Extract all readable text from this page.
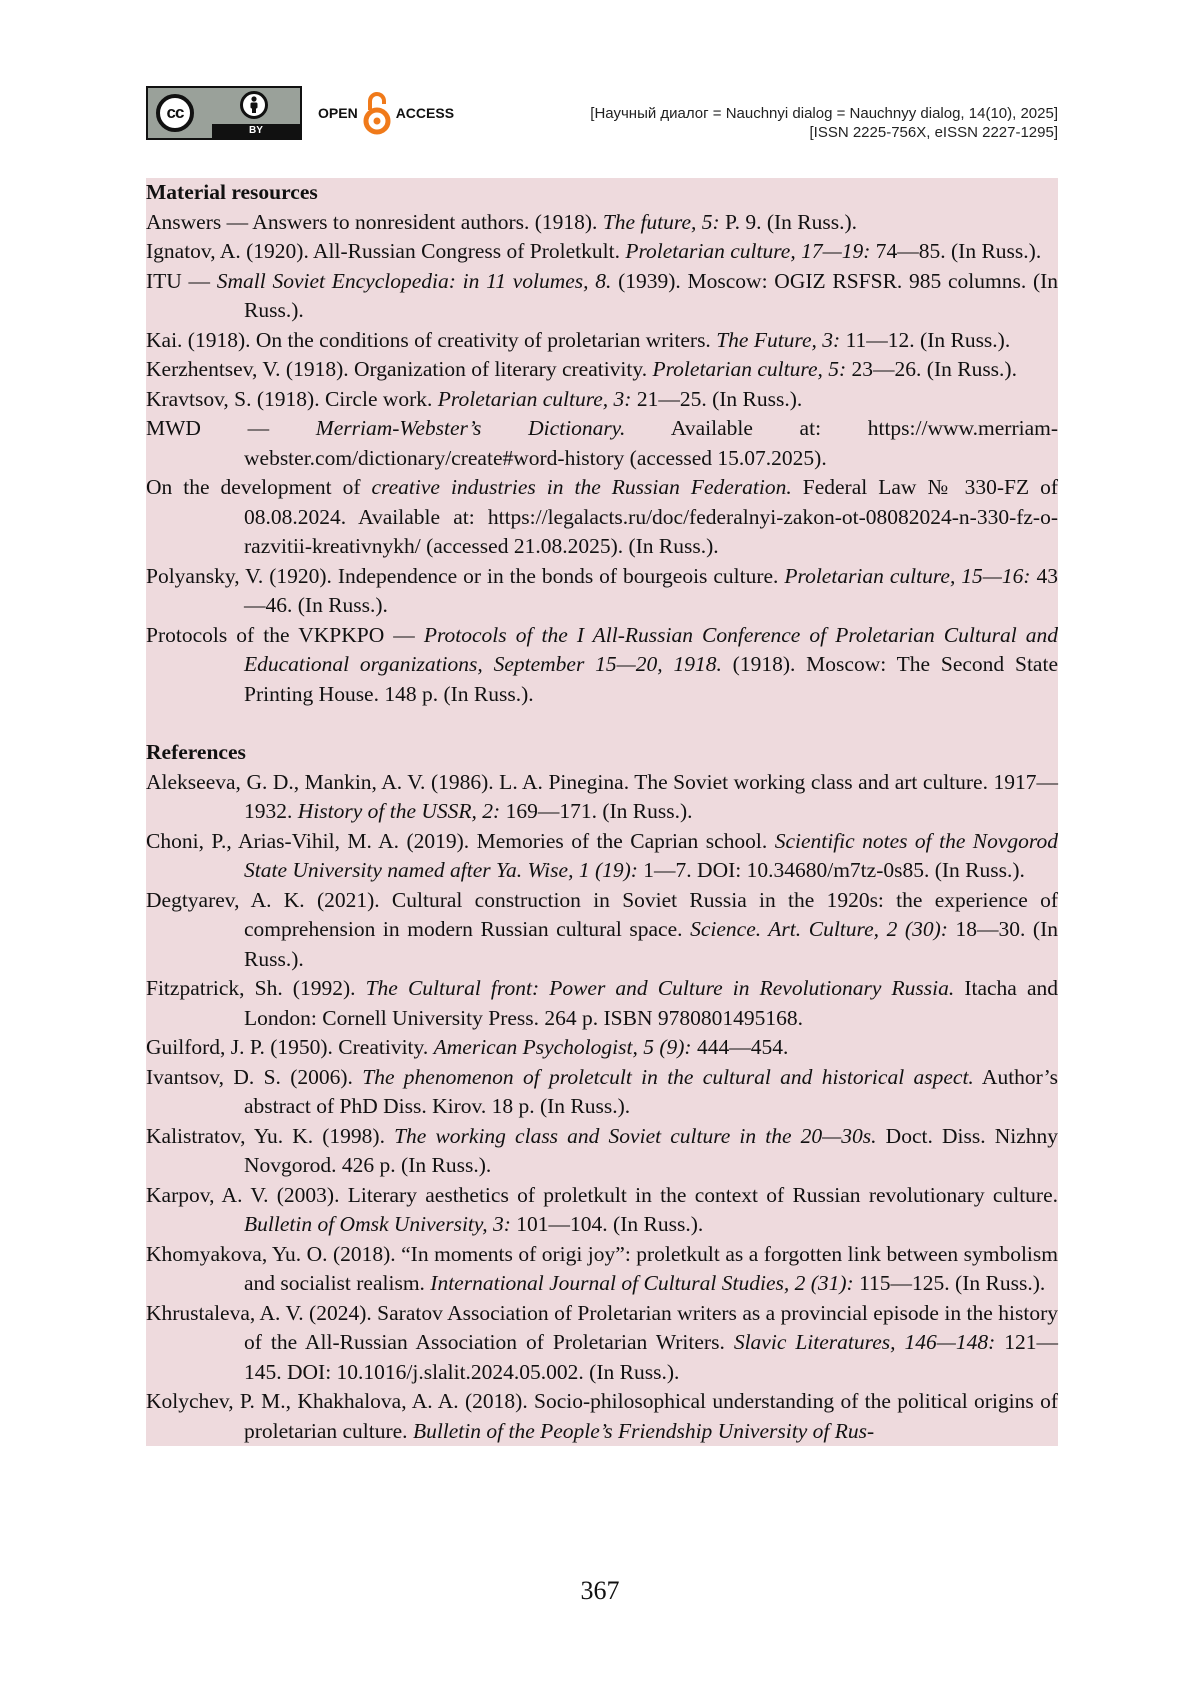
cc
BY
OPEN	ACCESS	[Научный диалог = Nauchnyi dialog = Nauchnyy dialog, 14(10), 2025]
[ISSN 2225-756X, eISSN 2227-1295]
Material resources

Answers — Answers to nonresident authors. (1918). The future, 5: P. 9. (In Russ.).

Ignatov, A. (1920). All-Russian Congress of Proletkult. Proletarian culture, 17—19: 74—85. (In Russ.).

ITU — Small Soviet Encyclopedia: in 11 volumes, 8. (1939). Moscow: OGIZ RSFSR. 985 columns. (In Russ.).

Kai. (1918). On the conditions of creativity of proletarian writers. The Future, 3: 11—12. (In Russ.).

Kerzhentsev, V. (1918). Organization of literary creativity. Proletarian culture, 5: 23—26. (In Russ.).

Kravtsov, S. (1918). Circle work. Proletarian culture, 3: 21—25. (In Russ.).

MWD — Merriam-Webster’s Dictionary. Available at: https://www.merriam-webster.com/dictionary/create#word-history (accessed 15.07.2025).

On the development of creative industries in the Russian Federation. Federal Law № 330-FZ of 08.08.2024. Available at: https://legalacts.ru/doc/federalnyi-zakon-ot-08082024-n-330-fz-o-razvitii-kreativnykh/ (accessed 21.08.2025). (In Russ.).

Polyansky, V. (1920). Independence or in the bonds of bourgeois culture. Proletarian culture, 15—16: 43—46. (In Russ.).

Protocols of the VKPKPO — Protocols of the I All-Russian Conference of Proletarian Cultural and Educational organizations, September 15—20, 1918. (1918). Moscow: The Second State Printing House. 148 p. (In Russ.).

References

Alekseeva, G. D., Mankin, A. V. (1986). L. A. Pinegina. The Soviet working class and art culture. 1917—1932. History of the USSR, 2: 169—171. (In Russ.).

Choni, P., Arias-Vihil, M. A. (2019). Memories of the Caprian school. Scientific notes of the Novgorod State University named after Ya. Wise, 1 (19): 1—7. DOI: 10.34680/m7tz-0s85. (In Russ.).

Degtyarev, A. K. (2021). Cultural construction in Soviet Russia in the 1920s: the experience of comprehension in modern Russian cultural space. Science. Art. Culture, 2 (30): 18—30. (In Russ.).

Fitzpatrick, Sh. (1992). The Cultural front: Power and Culture in Revolutionary Russia. Itacha and London: Cornell University Press. 264 p. ISBN 9780801495168.

Guilford, J. P. (1950). Creativity. American Psychologist, 5 (9): 444—454.

Ivantsov, D. S. (2006). The phenomenon of proletcult in the cultural and historical aspect. Author’s abstract of PhD Diss. Kirov. 18 p. (In Russ.).

Kalistratov, Yu. K. (1998). The working class and Soviet culture in the 20—30s. Doct. Diss. Nizhny Novgorod. 426 p. (In Russ.).

Karpov, A. V. (2003). Literary aesthetics of proletkult in the context of Russian revolutionary culture. Bulletin of Omsk University, 3: 101—104. (In Russ.).

Khomyakova, Yu. O. (2018). “In moments of origi joy”: proletkult as a forgotten link between symbolism and socialist realism. International Journal of Cultural Studies, 2 (31): 115—125. (In Russ.).

Khrustaleva, A. V. (2024). Saratov Association of Proletarian writers as a provincial episode in the history of the All-Russian Association of Proletarian Writers. Slavic Literatures, 146—148: 121—145. DOI: 10.1016/j.slalit.2024.05.002. (In Russ.).

Kolychev, P. M., Khakhalova, A. A. (2018). Socio-philosophical understanding of the political origins of proletarian culture. Bulletin of the People’s Friendship University of Rus-

367
